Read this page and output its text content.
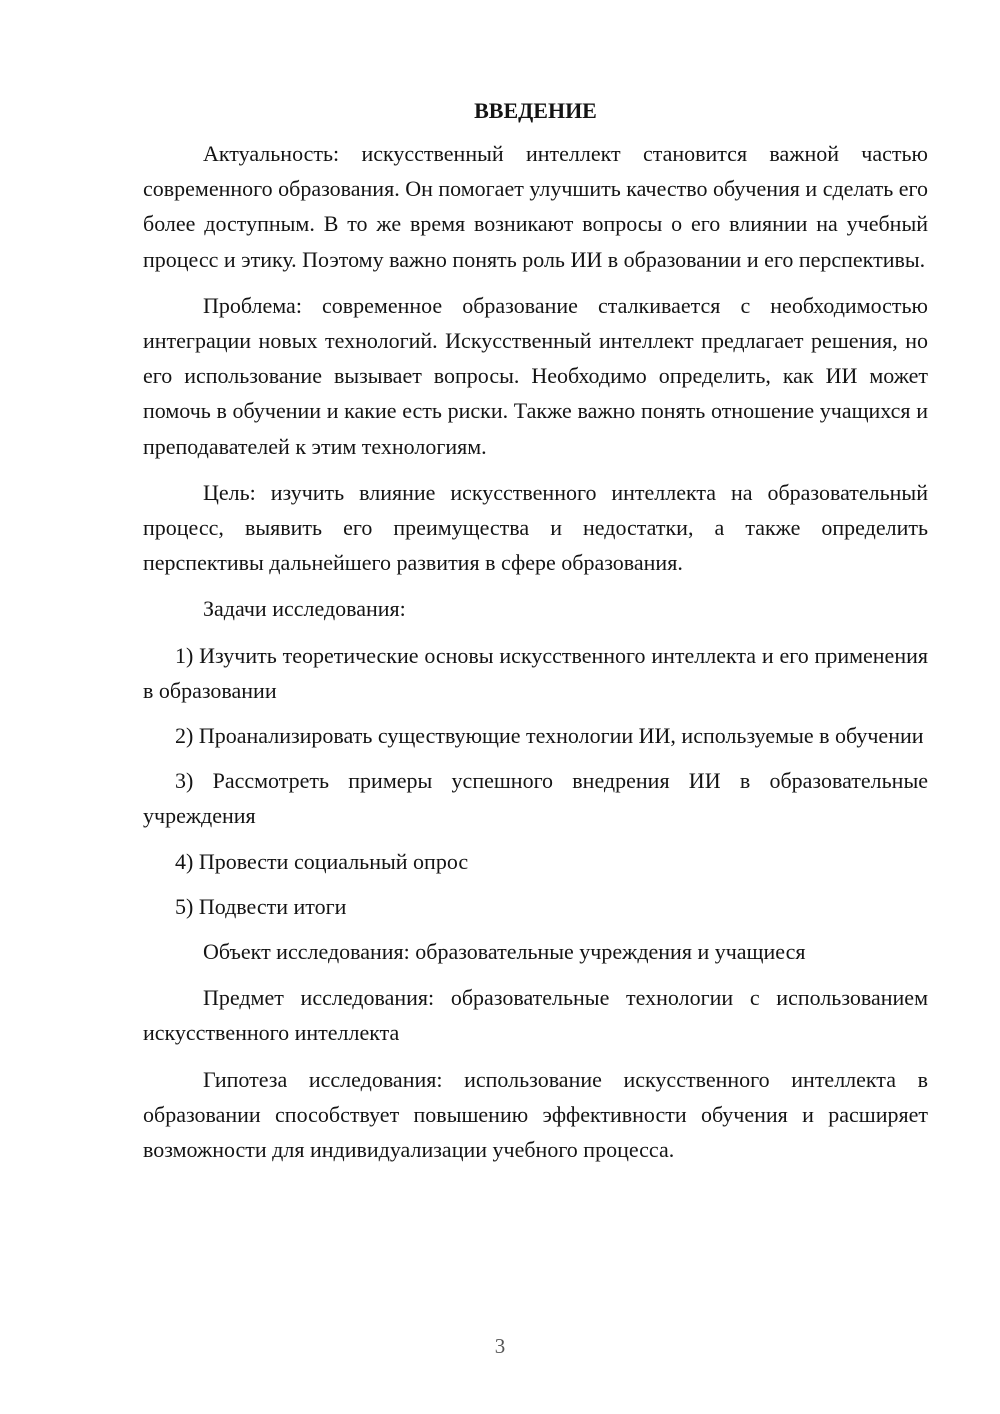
ВВЕДЕНИЕ

Актуальность: искусственный интеллект становится важной частью современного образования. Он помогает улучшить качество обучения и сделать его более доступным. В то же время возникают вопросы о его влиянии на учебный процесс и этику. Поэтому важно понять роль ИИ в образовании и его перспективы.

Проблема: современное образование сталкивается с необходимостью интеграции новых технологий. Искусственный интеллект предлагает решения, но его использование вызывает вопросы. Необходимо определить, как ИИ может помочь в обучении и какие есть риски. Также важно понять отношение учащихся и преподавателей к этим технологиям.

Цель: изучить влияние искусственного интеллекта на образовательный процесс, выявить его преимущества и недостатки, а также определить перспективы дальнейшего развития в сфере образования.

Задачи исследования:

1) Изучить теоретические основы искусственного интеллекта и его применения в образовании

2) Проанализировать существующие технологии ИИ, используемые в обучении

3) Рассмотреть примеры успешного внедрения ИИ в образовательные учреждения

4) Провести социальный опрос

5) Подвести итоги

Объект исследования: образовательные учреждения и учащиеся

Предмет исследования: образовательные технологии с использованием искусственного интеллекта

Гипотеза исследования: использование искусственного интеллекта в образовании способствует повышению эффективности обучения и расширяет возможности для индивидуализации учебного процесса.

3
